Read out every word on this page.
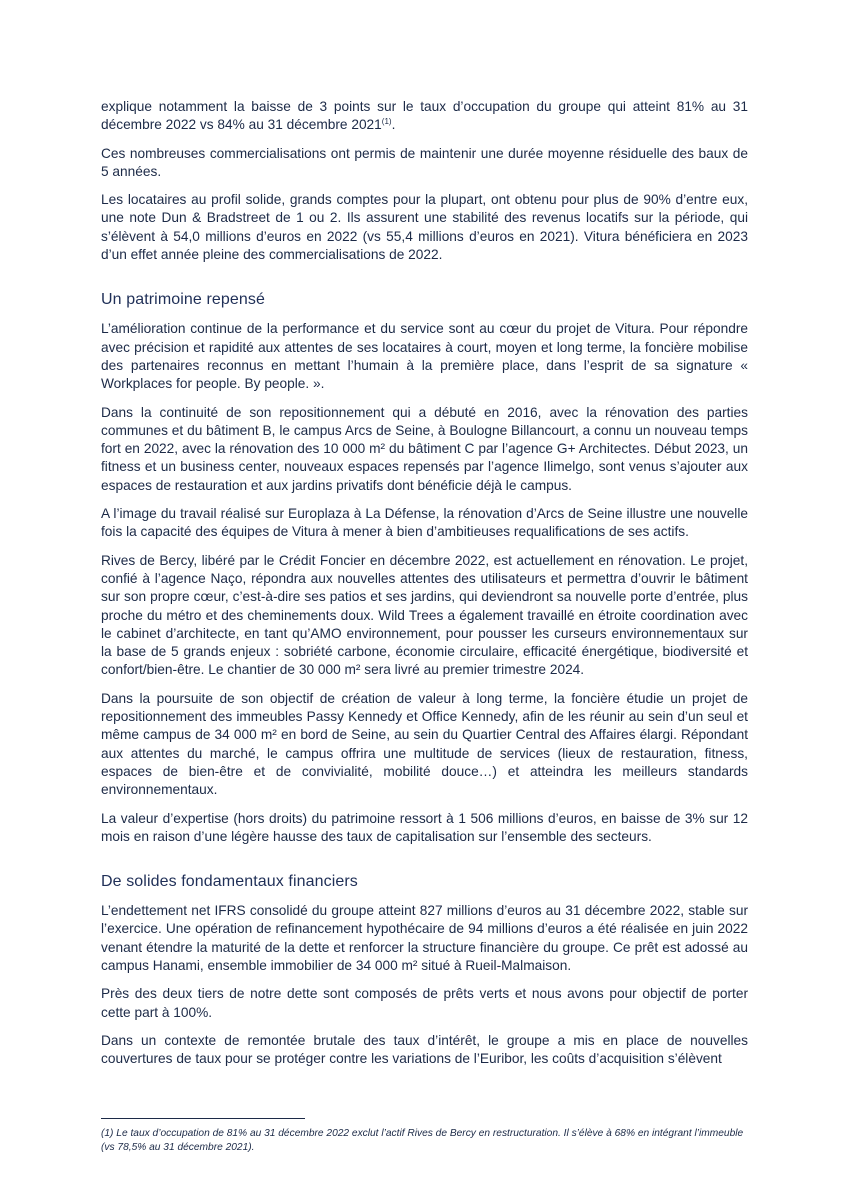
explique notamment la baisse de 3 points sur le taux d’occupation du groupe qui atteint 81% au 31 décembre 2022 vs 84% au 31 décembre 2021$^{(1)}$.

Ces nombreuses commercialisations ont permis de maintenir une durée moyenne résiduelle des baux de 5 années.

Les locataires au profil solide, grands comptes pour la plupart, ont obtenu pour plus de 90% d’entre eux, une note Dun & Bradstreet de 1 ou 2. Ils assurent une stabilité des revenus locatifs sur la période, qui s’élèvent à 54,0 millions d’euros en 2022 (vs 55,4 millions d’euros en 2021). Vitura bénéficiera en 2023 d’un effet année pleine des commercialisations de 2022.

Un patrimoine repensé

L’amélioration continue de la performance et du service sont au cœur du projet de Vitura. Pour répondre avec précision et rapidité aux attentes de ses locataires à court, moyen et long terme, la foncière mobilise des partenaires reconnus en mettant l’humain à la première place, dans l’esprit de sa signature « Workplaces for people. By people. ».

Dans la continuité de son repositionnement qui a débuté en 2016, avec la rénovation des parties communes et du bâtiment B, le campus Arcs de Seine, à Boulogne Billancourt, a connu un nouveau temps fort en 2022, avec la rénovation des 10 000 m² du bâtiment C par l’agence G+ Architectes. Début 2023, un fitness et un business center, nouveaux espaces repensés par l’agence Ilimelgo, sont venus s’ajouter aux espaces de restauration et aux jardins privatifs dont bénéficie déjà le campus.

A l’image du travail réalisé sur Europlaza à La Défense, la rénovation d’Arcs de Seine illustre une nouvelle fois la capacité des équipes de Vitura à mener à bien d’ambitieuses requalifications de ses actifs.

Rives de Bercy, libéré par le Crédit Foncier en décembre 2022, est actuellement en rénovation. Le projet, confié à l’agence Naço, répondra aux nouvelles attentes des utilisateurs et permettra d’ouvrir le bâtiment sur son propre cœur, c’est-à-dire ses patios et ses jardins, qui deviendront sa nouvelle porte d’entrée, plus proche du métro et des cheminements doux. Wild Trees a également travaillé en étroite coordination avec le cabinet d’architecte, en tant qu’AMO environnement, pour pousser les curseurs environnementaux sur la base de 5 grands enjeux : sobriété carbone, économie circulaire, efficacité énergétique, biodiversité et confort/bien-être. Le chantier de 30 000 m² sera livré au premier trimestre 2024.

Dans la poursuite de son objectif de création de valeur à long terme, la foncière étudie un projet de repositionnement des immeubles Passy Kennedy et Office Kennedy, afin de les réunir au sein d’un seul et même campus de 34 000 m² en bord de Seine, au sein du Quartier Central des Affaires élargi. Répondant aux attentes du marché, le campus offrira une multitude de services (lieux de restauration, fitness, espaces de bien-être et de convivialité, mobilité douce…) et atteindra les meilleurs standards environnementaux.

La valeur d’expertise (hors droits) du patrimoine ressort à 1 506 millions d’euros, en baisse de 3% sur 12 mois en raison d’une légère hausse des taux de capitalisation sur l’ensemble des secteurs.

De solides fondamentaux financiers

L’endettement net IFRS consolidé du groupe atteint 827 millions d’euros au 31 décembre 2022, stable sur l’exercice. Une opération de refinancement hypothécaire de 94 millions d’euros a été réalisée en juin 2022 venant étendre la maturité de la dette et renforcer la structure financière du groupe. Ce prêt est adossé au campus Hanami, ensemble immobilier de 34 000 m² situé à Rueil-Malmaison.

Près des deux tiers de notre dette sont composés de prêts verts et nous avons pour objectif de porter cette part à 100%.

Dans un contexte de remontée brutale des taux d’intérêt, le groupe a mis en place de nouvelles couvertures de taux pour se protéger contre les variations de l’Euribor, les coûts d’acquisition s’élèvent

(1) Le taux d’occupation de 81% au 31 décembre 2022 exclut l’actif Rives de Bercy en restructuration. Il s’élève à 68% en intégrant l’immeuble (vs 78,5% au 31 décembre 2021).
